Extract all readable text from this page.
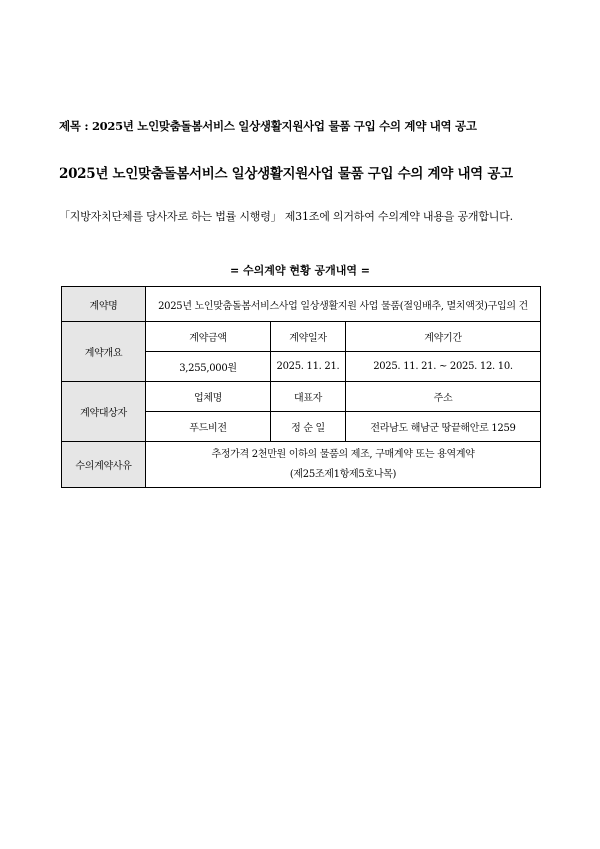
제목 : 2025년 노인맞춤돌봄서비스 일상생활지원사업 물품 구입 수의 계약 내역 공고
2025년 노인맞춤돌봄서비스 일상생활지원사업 물품 구입 수의 계약 내역 공고
「지방자치단체를 당사자로 하는 법률 시행령」 제31조에 의거하여 수의계약 내용을 공개합니다.
= 수의계약 현황 공개내역 =
계약명	2025년 노인맞춤돌봄서비스사업 일상생활지원 사업 물품(절임배추, 멸치액젓)구입의 건		
계약개요	계약금액	계약일자	계약기간
	3,255,000원	2025. 11. 21.	2025. 11. 21. ~ 2025. 12. 10.
계약대상자	업체명	대표자	주소
	푸드비전	정 순 일	전라남도 해남군 땅끝해안로 1259
수의계약사유	추정가격 2천만원 이하의 물품의 제조, 구매계약 또는 용역계약
(제25조제1항제5호나목)		
